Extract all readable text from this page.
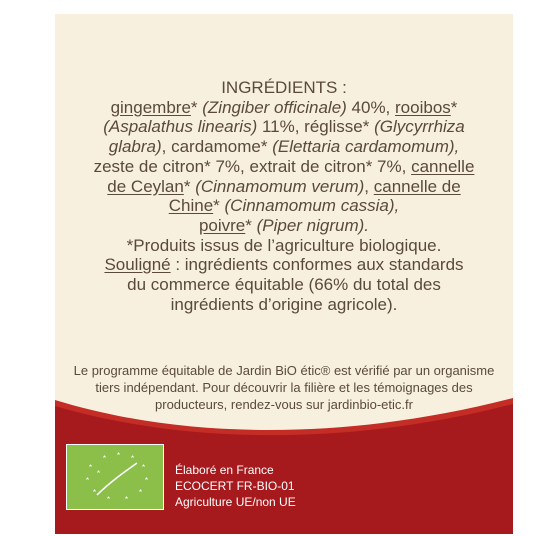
INGRÉDIENTS :
gingembre* (Zingiber officinale) 40%, rooibos*
(Aspalathus linearis) 11%, réglisse* (Glycyrrhiza
glabra), cardamome* (Elettaria cardamomum),
zeste de citron* 7%, extrait de citron* 7%, cannelle
de Ceylan* (Cinnamomum verum), cannelle de
Chine* (Cinnamomum cassia),
poivre* (Piper nigrum).
*Produits issus de l’agriculture biologique.
Souligné : ingrédients conformes aux standards
du commerce équitable (66% du total des
ingrédients d’origine agricole).
Le programme équitable de Jardin BiO étic® est vérifié par un organisme
tiers indépendant. Pour découvrir la filière et les témoignages des
producteurs, rendez-vous sur jardinbio-etic.fr
Élaboré en France
ECOCERT FR-BIO-01
Agriculture UE/non UE
